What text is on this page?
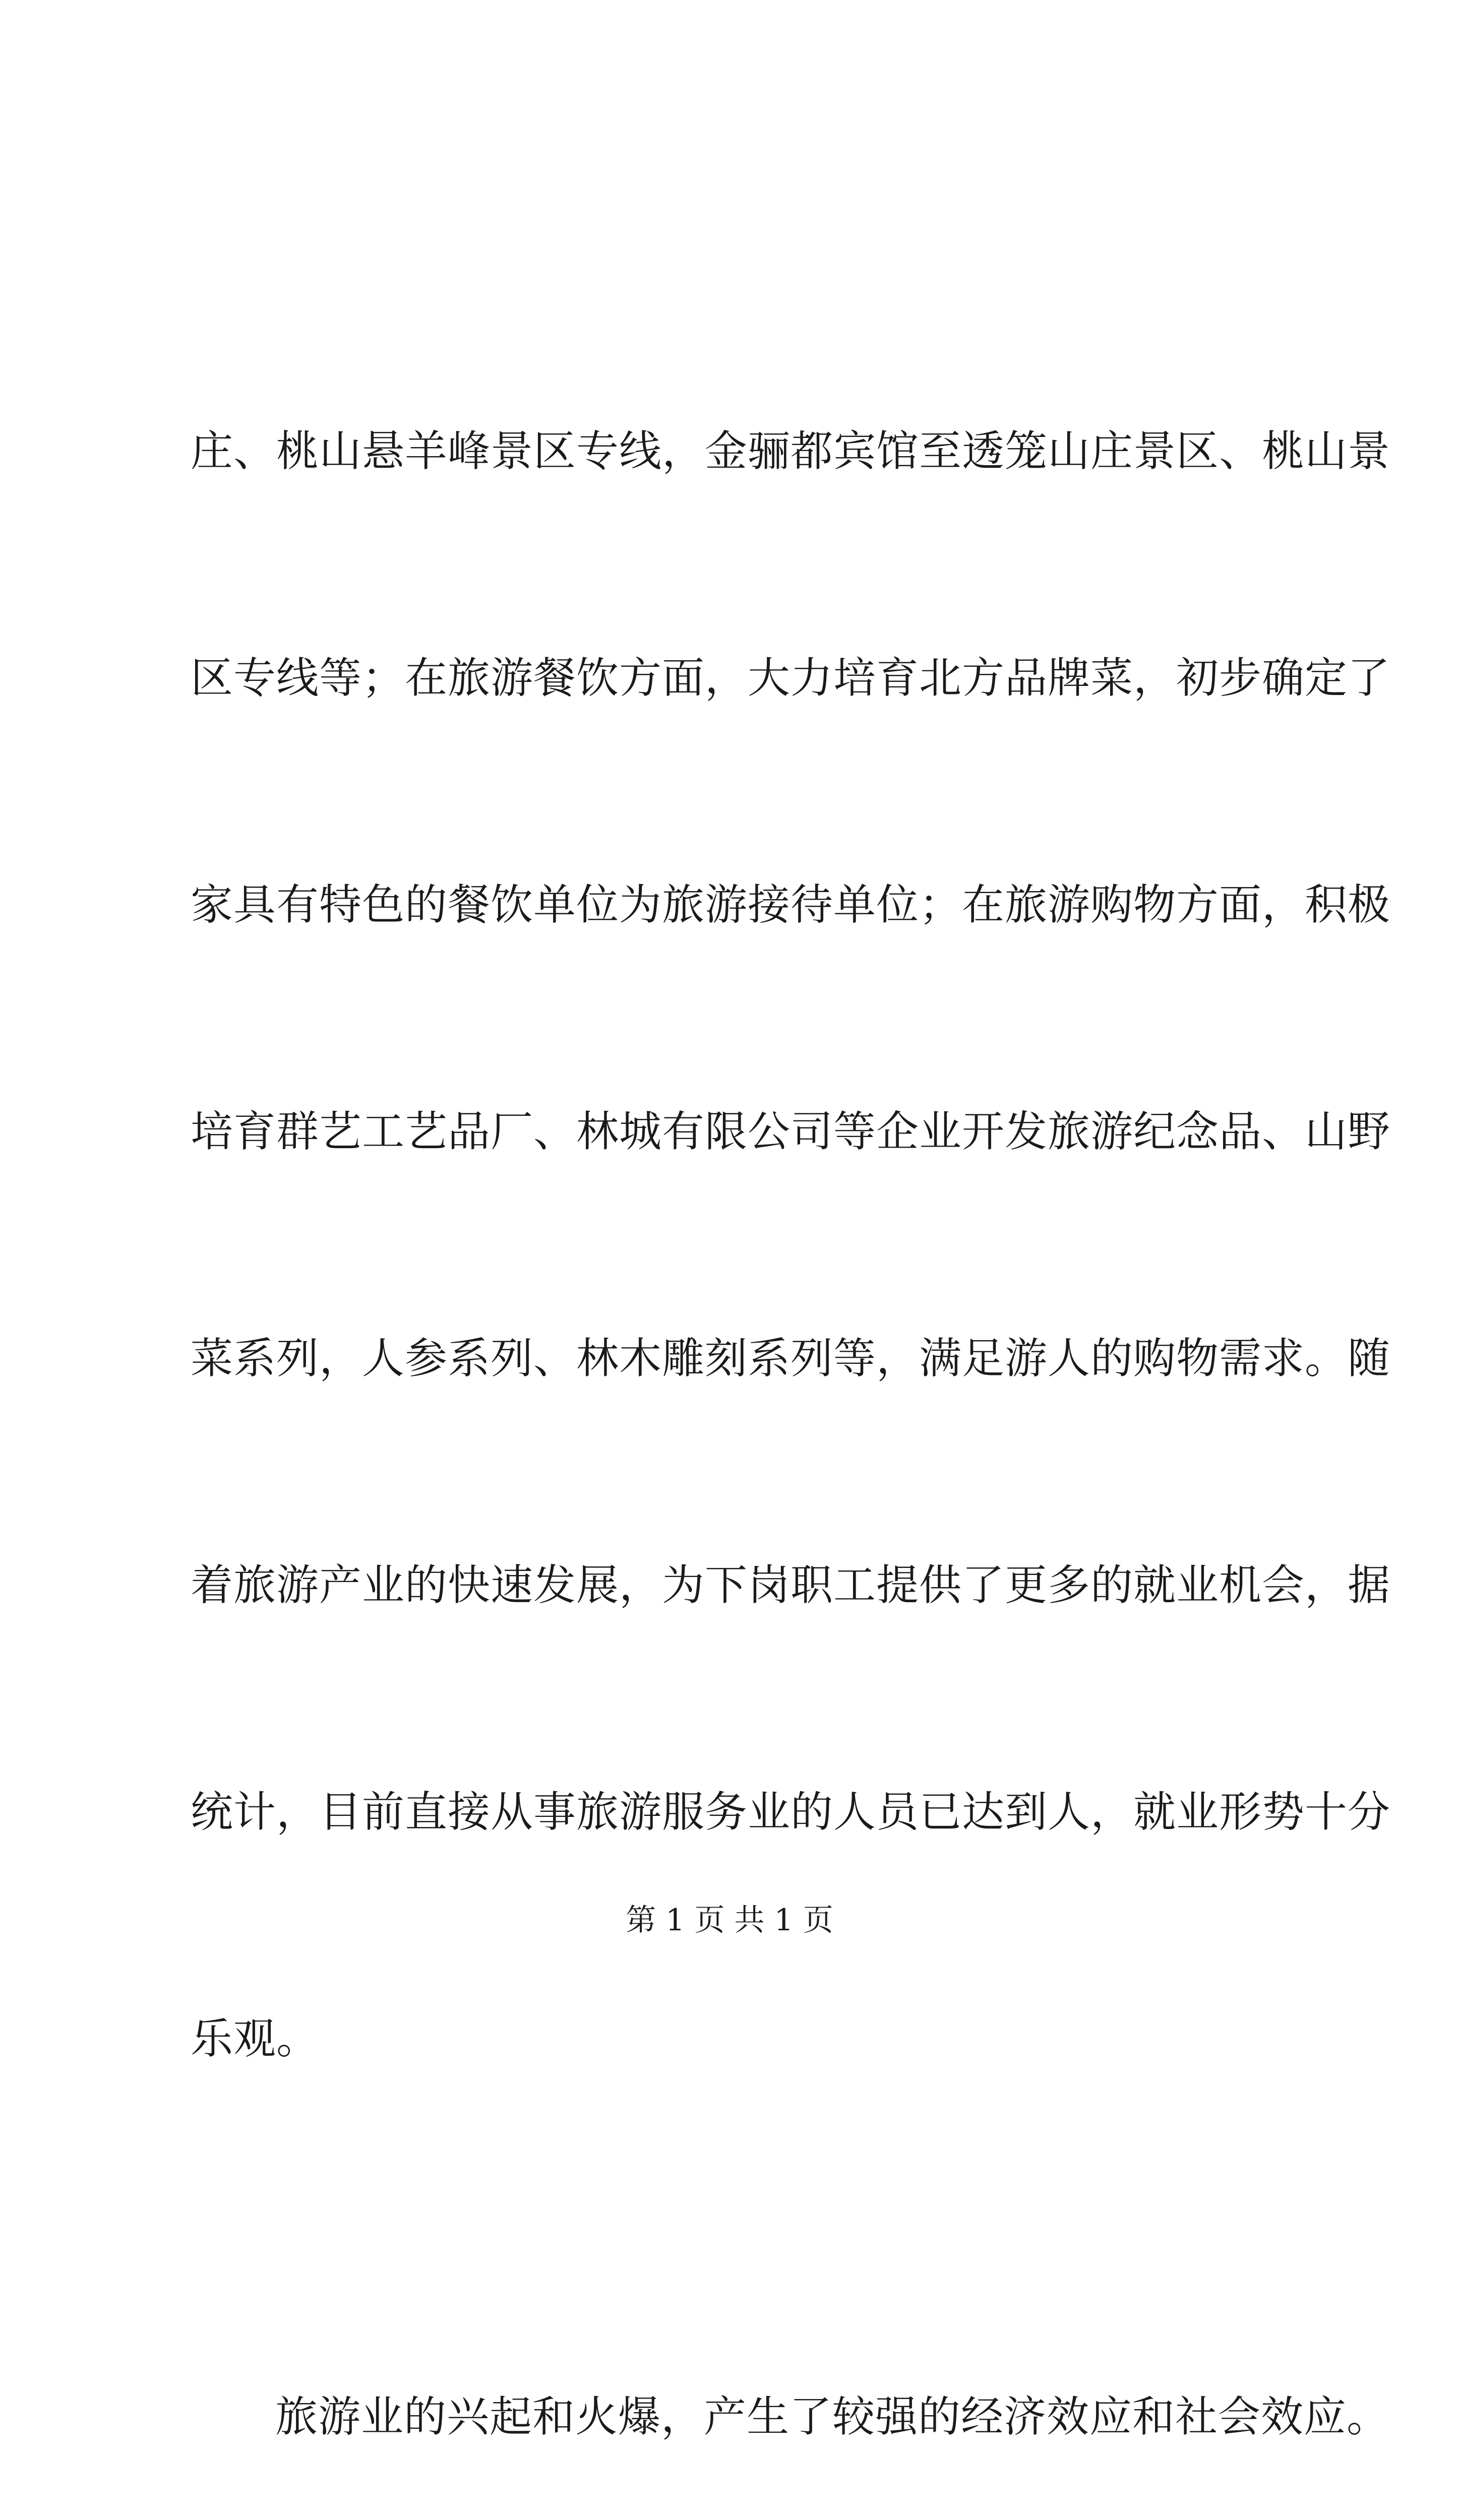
庄、桃山悬羊峰景区专线，金骊都宾馆至透笼山庄景区、桃山景

区专线等；在旅游餐饮方面，大力培育北方品牌菜，初步确定了

家具有特色的餐饮单位为旅游接待单位；在旅游购物方面，积极

培育群艺工艺品厂、林城有限公司等企业开发旅游纪念品、山野

菜系列，人参系列、林木雕刻系列等，满足游人的购物需求。随

着旅游产业的快速发展，为下岗职工提供了更多的就业机会，据

统计，目前直接从事旅游服务业的人员已达到人，就业形势十分

乐观。

旅游业的兴起和火爆，产生了较强的经济效应和社会效应。

第 1 页 共 1 页
